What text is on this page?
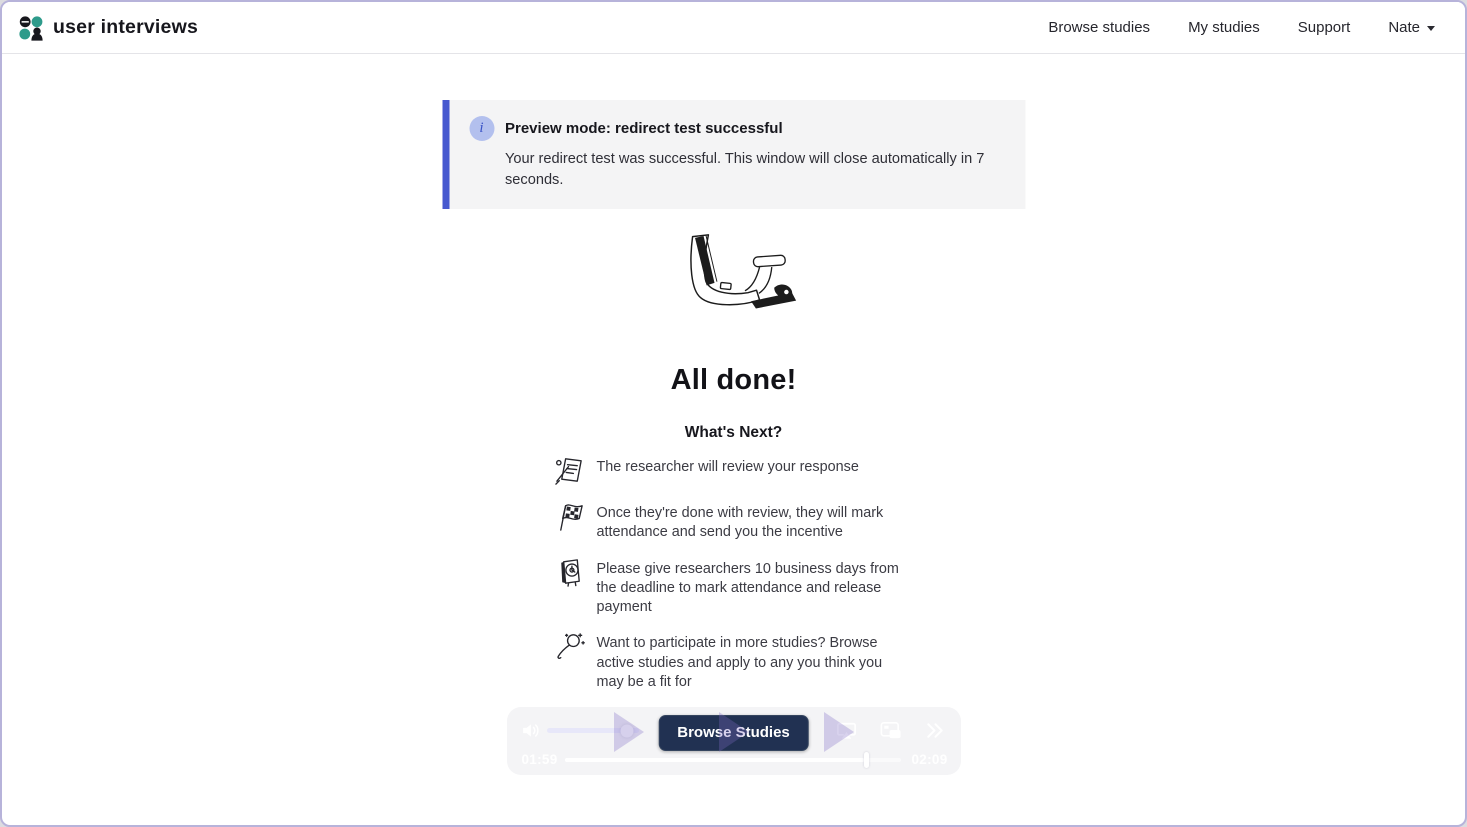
user interviews	Browse studies	My studies	Support	Nate
i	Preview mode: redirect test successful

Your redirect test was successful. This window will close automatically in 7 seconds.

All done!
What's Next?

The researcher will review your response

Once they're done with review, they will mark attendance and send you the incentive

Please give researchers 10 business days from the deadline to mark attendance and release payment

Want to participate in more studies? Browse active studies and apply to any you think you may be a fit for

01:59	02:09
Browse Studies
